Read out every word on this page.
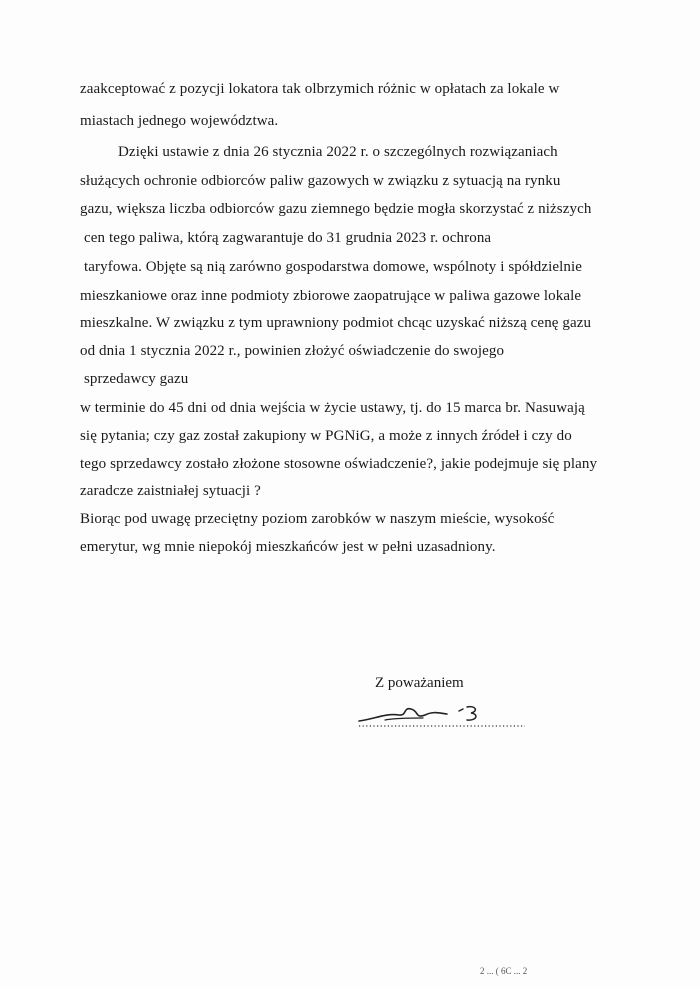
zaakceptować z pozycji lokatora tak olbrzymich różnic w opłatach za lokale w
miastach jednego województwa.
Dzięki ustawie z dnia 26 stycznia 2022 r. o szczególnych rozwiązaniach
służących ochronie odbiorców paliw gazowych w związku z sytuacją na rynku
gazu, większa liczba odbiorców gazu ziemnego będzie mogła skorzystać z niższych
cen tego paliwa, którą zagwarantuje do 31 grudnia 2023 r. ochrona
taryfowa. Objęte są nią zarówno gospodarstwa domowe, wspólnoty i spółdzielnie
mieszkaniowe oraz inne podmioty zbiorowe zaopatrujące w paliwa gazowe lokale
mieszkalne. W związku z tym uprawniony podmiot chcąc uzyskać niższą cenę gazu
od dnia 1 stycznia 2022 r., powinien złożyć oświadczenie do swojego
sprzedawcy gazu
w terminie do 45 dni od dnia wejścia w życie ustawy, tj. do 15 marca br. Nasuwają
się pytania; czy gaz został zakupiony w PGNiG, a może z innych źródeł i czy do
tego sprzedawcy zostało złożone stosowne oświadczenie?, jakie podejmuje się plany
zaradcze zaistniałej sytuacji ?
Biorąc pod uwagę przeciętny poziom zarobków w naszym mieście, wysokość
emerytur, wg mnie niepokój mieszkańców jest w pełni uzasadniony.
Z poważaniem
2 ... ( 6C ... 2
